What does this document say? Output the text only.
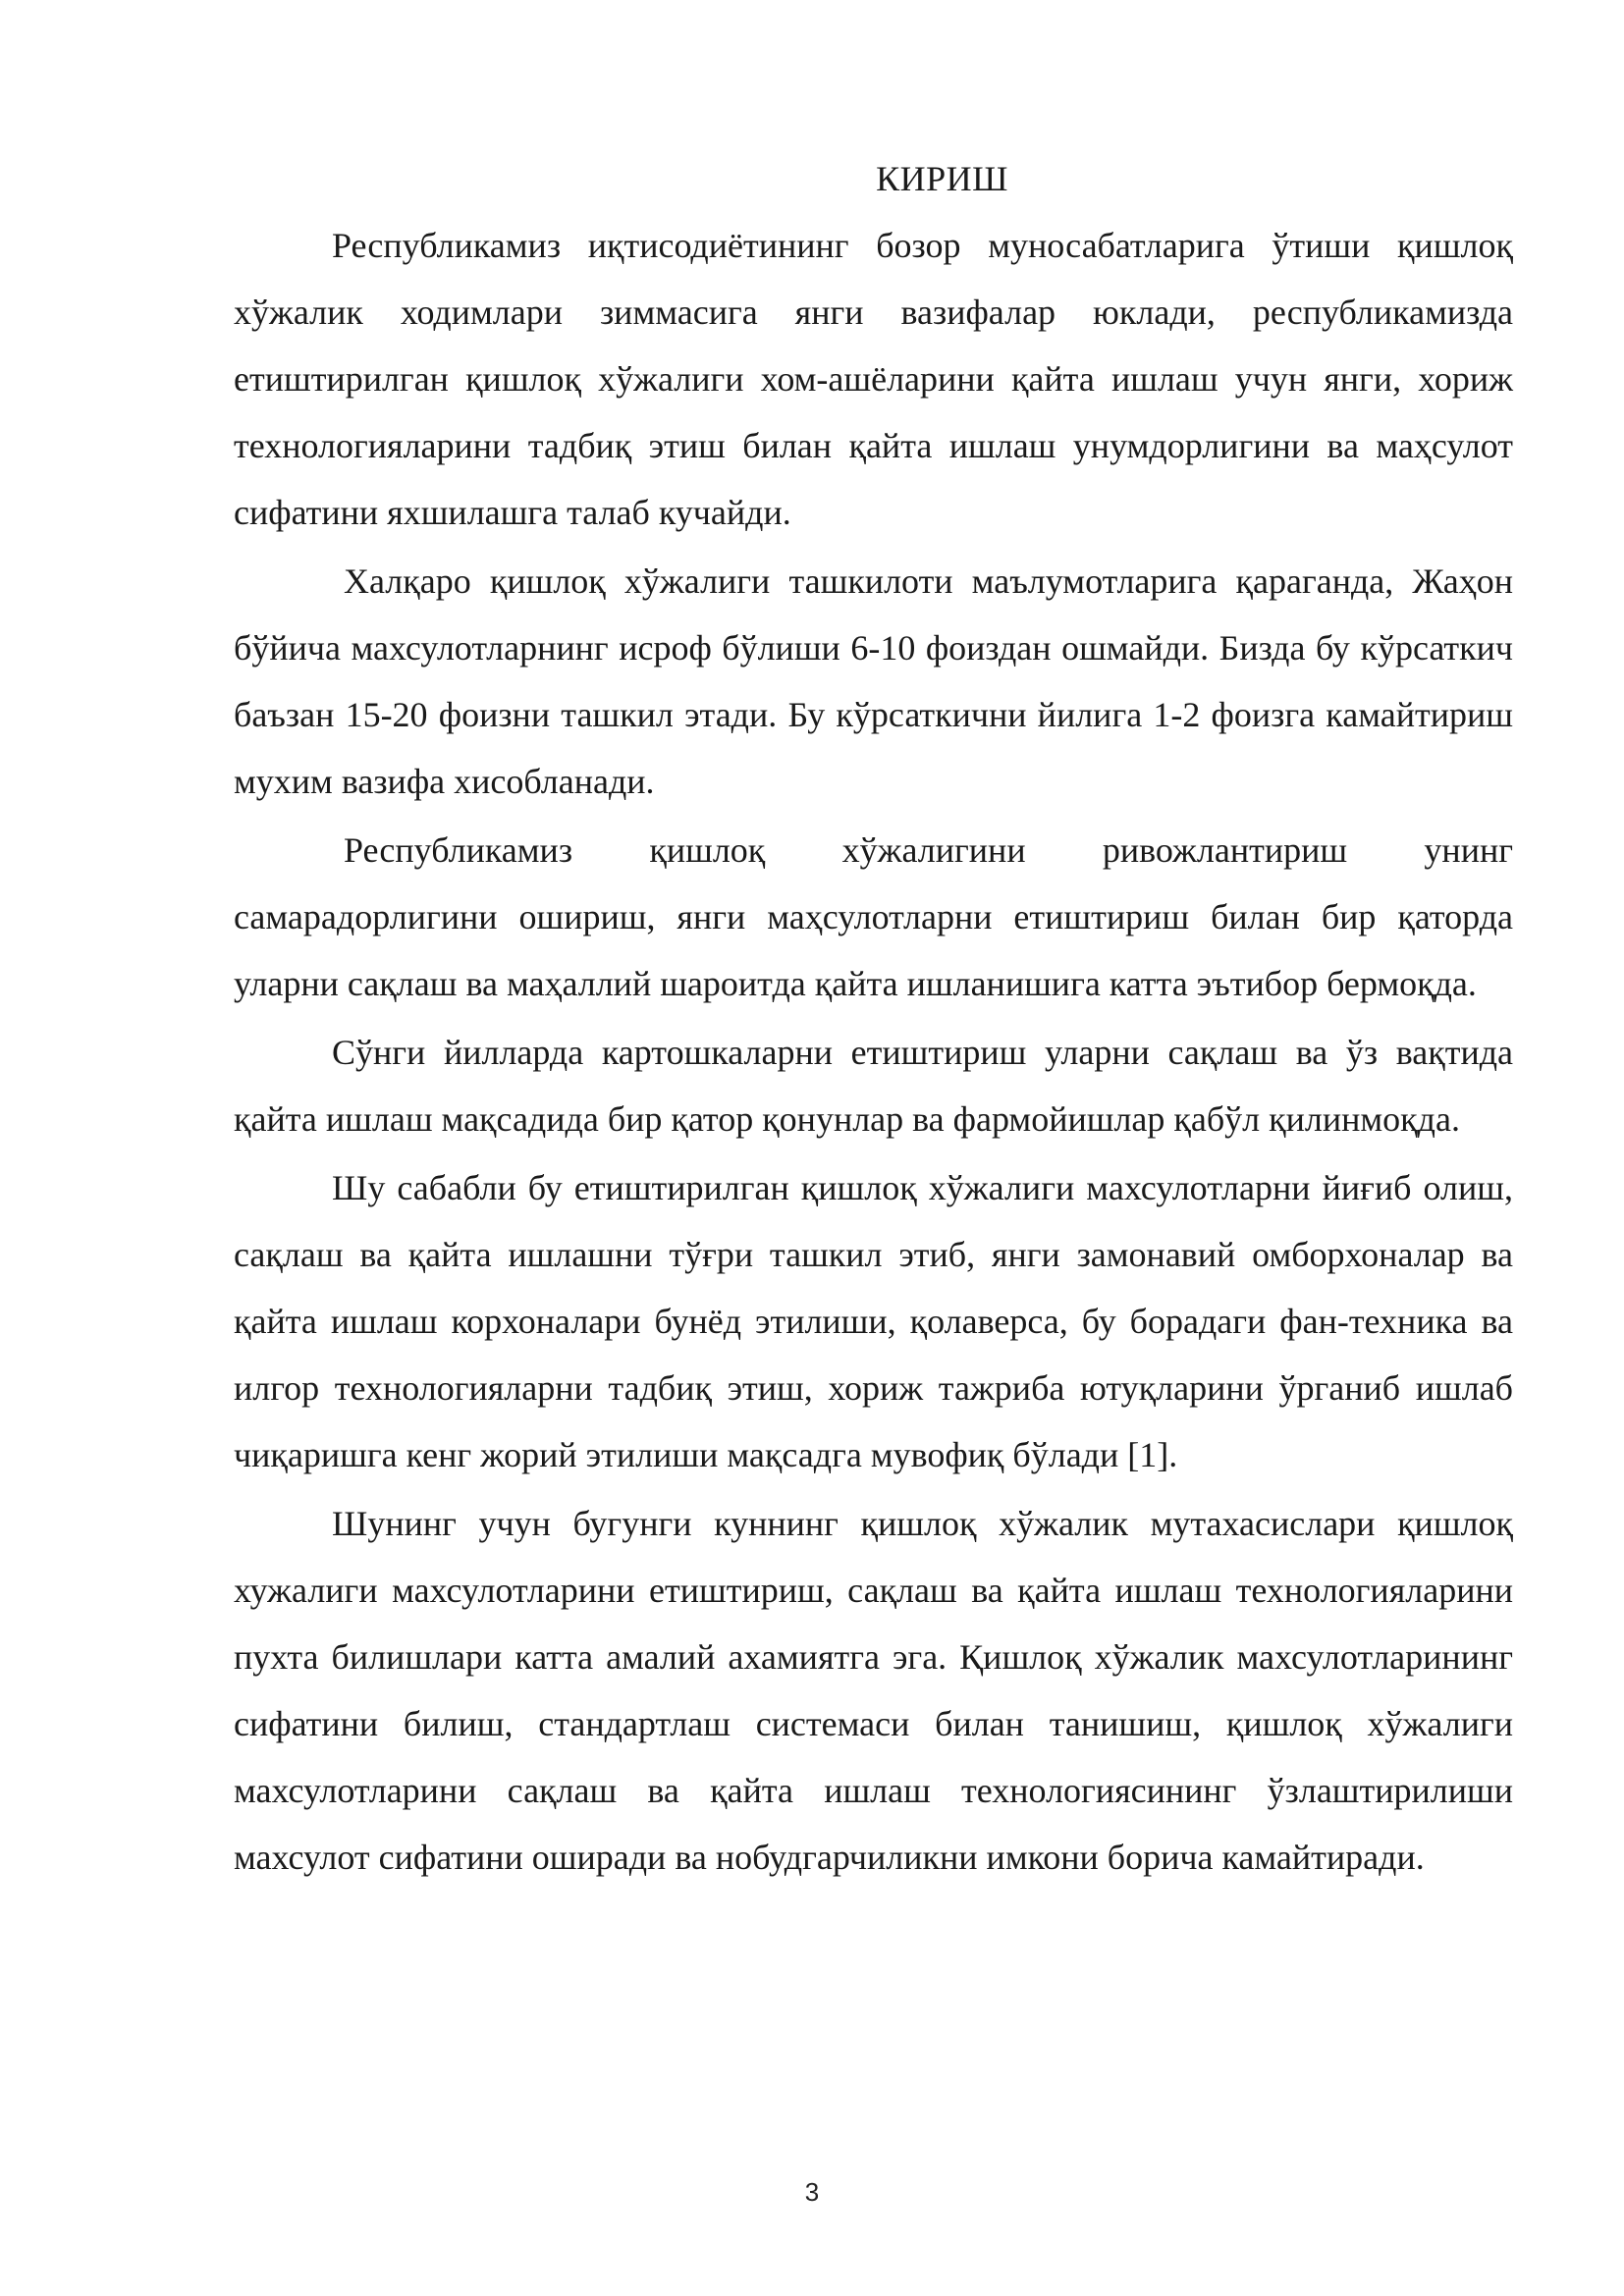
КИРИШ

Республикамиз иқтисодиётининг бозор муносабатларига ўтиши қишлоқ хўжалик ходимлари зиммасига янги вазифалар юклади, республикамизда етиштирилган қишлоқ хўжалиги хом-ашёларини қайта ишлаш учун янги, хориж технологияларини тадбиқ этиш билан қайта ишлаш унумдорлигини ва маҳсулот сифатини яхшилашга талаб кучайди.

Халқаро қишлоқ хўжалиги ташкилоти маълумотларига қараганда, Жаҳон бўйича махсулотларнинг исроф бўлиши 6-10 фоиздан ошмайди. Бизда бу кўрсаткич баъзан 15-20 фоизни ташкил этади. Бу кўрсаткични йилига 1-2 фоизга камайтириш мухим вазифа хисобланади.

Республикамиз қишлоқ хўжалигини ривожлантириш унинг самарадорлигини ошириш, янги маҳсулотларни етиштириш билан бир қаторда уларни сақлаш ва маҳаллий шароитда қайта ишланишига катта эътибор бермоқда.

Сўнги йилларда картошкаларни етиштириш уларни сақлаш ва ўз вақтида қайта ишлаш мақсадида бир қатор қонунлар ва фармойишлар қабўл қилинмоқда.

Шу сабабли бу етиштирилган қишлоқ хўжалиги махсулотларни йиғиб олиш, сақлаш ва қайта ишлашни тўғри ташкил этиб, янги замонавий омборхоналар ва қайта ишлаш корхоналари бунёд этилиши, қолаверса, бу борадаги фан-техника ва илгор технологияларни тадбиқ этиш, хориж тажриба ютуқларини ўрганиб ишлаб чиқаришга кенг жорий этилиши мақсадга мувофиқ бўлади [1].

Шунинг учун бугунги куннинг қишлоқ хўжалик мутахасислари қишлоқ хужалиги махсулотларини етиштириш, сақлаш ва қайта ишлаш технологияларини пухта билишлари катта амалий ахамиятга эга. Қишлоқ хўжалик махсулотларининг сифатини билиш, стандартлаш системаси билан танишиш, қишлоқ хўжалиги махсулотларини сақлаш ва қайта ишлаш технологиясининг ўзлаштирилиши махсулот сифатини оширади ва нобудгарчиликни имкони борича камайтиради.

3
